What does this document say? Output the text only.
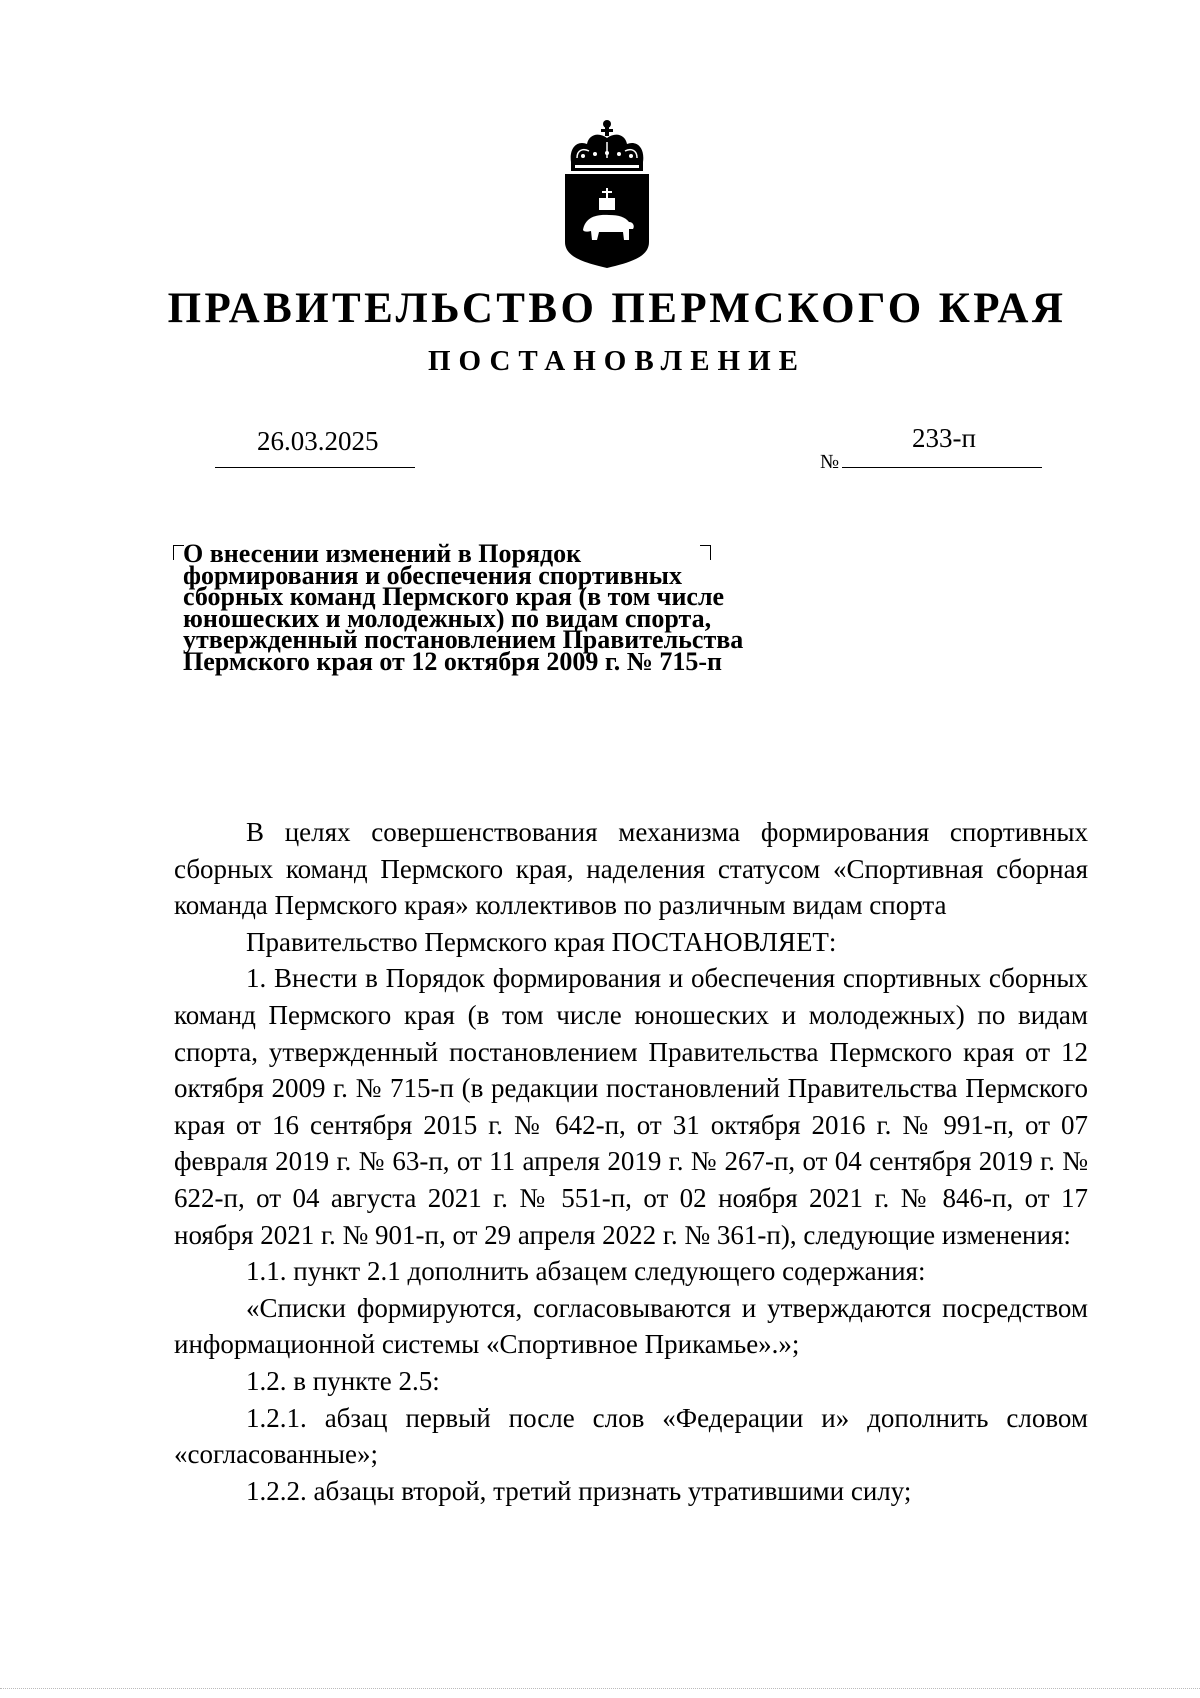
ПРАВИТЕЛЬСТВО ПЕРМСКОГО КРАЯ
ПОСТАНОВЛЕНИЕ
26.03.2025
№
233-п
О внесении изменений в Порядок
формирования и обеспечения спортивных
сборных команд Пермского края (в том числе
юношеских и молодежных) по видам спорта,
утвержденный постановлением Правительства
Пермского края от 12 октября 2009 г. № 715-п

В целях совершенствования механизма формирования спортивных сборных команд Пермского края, наделения статусом «Спортивная сборная команда Пермского края» коллективов по различным видам спорта

Правительство Пермского края ПОСТАНОВЛЯЕТ:

1. Внести в Порядок формирования и обеспечения спортивных сборных команд Пермского края (в том числе юношеских и молодежных) по видам спорта, утвержденный постановлением Правительства Пермского края от 12 октября 2009 г. № 715-п (в редакции постановлений Правительства Пермского края от 16 сентября 2015 г. № 642-п, от 31 октября 2016 г. № 991-п, от 07 февраля 2019 г. № 63-п, от 11 апреля 2019 г. № 267-п, от 04 сентября 2019 г. № 622-п, от 04 августа 2021 г. № 551-п, от 02 ноября 2021 г. № 846-п, от 17 ноября 2021 г. № 901-п, от 29 апреля 2022 г. № 361-п), следующие изменения:

1.1. пункт 2.1 дополнить абзацем следующего содержания:

«Списки формируются, согласовываются и утверждаются посредством информационной системы «Спортивное Прикамье».»;

1.2. в пункте 2.5:

1.2.1. абзац первый после слов «Федерации и» дополнить словом «согласованные»;

1.2.2. абзацы второй, третий признать утратившими силу;
